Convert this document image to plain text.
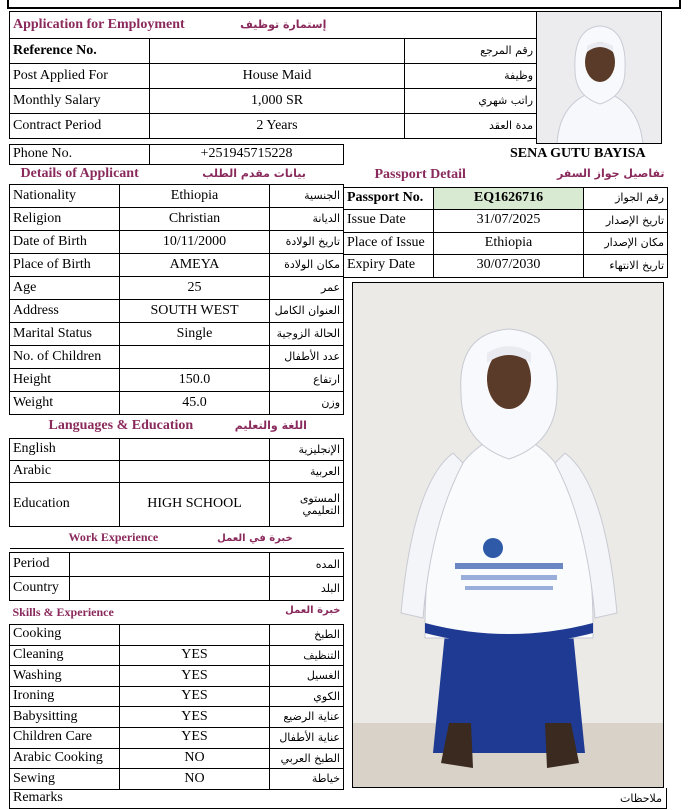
Application for Employment إستمارة توظيف		
Reference No.		رقم المرجع
Post Applied For	House Maid	وظيفة
Monthly Salary	1,000 SR	راتب شهري
Contract Period	2 Years	مدة العقد
Phone No.	+251945715228	SENA GUTU BAYISA
Details of Applicant بيانات مقدم الطلب		
Nationality	Ethiopia	الجنسية
Religion	Christian	الديانة
Date of Birth	10/11/2000	تاريخ الولادة
Place of Birth	AMEYA	مكان الولادة
Age	25	عمر
Address	SOUTH WEST	العنوان الكامل
Marital Status	Single	الحالة الزوجية
No. of Children		عدد الأطفال
Height	150.0	ارتفاع
Weight	45.0	وزن
Languages & Education اللغة والتعليم		
English		الإنجليزية
Arabic		العربية
Education	HIGH SCHOOL	المستوى التعليمي
Work Experience خبرة في العمل		
Period		المده
Country		البلد
Skills & Experience خبرة العمل		
Cooking		الطبخ
Cleaning	YES	التنظيف
Washing	YES	الغسيل
Ironing	YES	الكوي
Babysitting	YES	عناية الرضيع
Children Care	YES	عناية الأطفال
Arabic Cooking	NO	الطبخ العربي
Sewing	NO	خياطة
Passport Detail تفاصيل جواز السفر		

Passport No.	EQ1626716	رقم الجواز
Issue Date	31/07/2025	تاريخ الإصدار
Place of Issue	Ethiopia	مكان الإصدار
Expiry Date	30/07/2030	تاريخ الانتهاء
Remarks	ملاحظات
